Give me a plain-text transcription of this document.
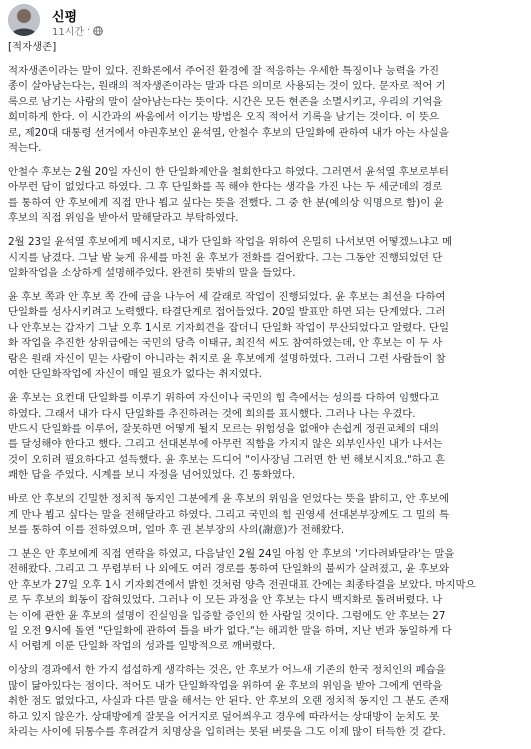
신평
11시간 ·

[적자생존]

적자생존이라는 말이 있다. 진화론에서 주어진 환경에 잘 적응하는 우세한 특징이나 능력을 가진
종이 살아남는다는, 원래의 적자생존이라는 말과 다른 의미로 사용되는 것이 있다. 문자로 적어 기
록으로 남기는 사람의 말이 살아남는다는 뜻이다. 시간은 모든 현존을 소멸시키고, 우리의 기억을
희미하게 한다. 이 시간과의 싸움에서 이기는 방법은 오직 적어서 기록을 남기는 것이다. 이 뜻으
로, 제20대 대통령 선거에서 야권후보인 윤석열, 안철수 후보의 단일화에 관하여 내가 아는 사실을
적는다.

안철수 후보는 2월 20일 자신이 한 단일화제안을 철회한다고 하였다. 그러면서 윤석열 후보로부터
아무런 답이 없었다고 하였다. 그 후 단일화를 꼭 해야 한다는 생각을 가진 나는 두 세군데의 경로
를 통하여 안 후보에게 직접 만나 뵙고 싶다는 뜻을 전했다. 그 중 한 분(예의상 익명으로 함)이 윤
후보의 직접 위임을 받아서 말해달라고 부탁하였다.

2월 23일 윤석열 후보에게 메시지로, 내가 단일화 작업을 위하여 은밀히 나서보면 어떻겠느냐고 메
시지를 남겼다. 그날 밤 늦게 유세를 마친 윤 후보가 전화를 걸어왔다. 그는 그동안 진행되었던 단
일화작업을 소상하게 설명해주었다. 완전히 뜻밖의 말을 들었다.

윤 후보 쪽과 안 후보 쪽 간에 급을 나누어 세 갈래로 작업이 진행되었다. 윤 후보는 최선을 다하여
단일화를 성사시키려고 노력했다. 타결단계로 접어들었다. 20일 발표만 하면 되는 단계였다. 그러
나 안후보는 갑자기 그날 오후 1시로 기자회견을 잡더니 단일화 작업이 무산되었다고 알렸다. 단일
화 작업을 추진한 상위급에는 국민의 당측 이태규, 최진석 씨도 참여하였는데, 안 후보는 이 두 사
람은 원래 자신이 믿는 사람이 아니라는 취지로 윤 후보에게 설명하였다. 그러니 그런 사람들이 참
여한 단일화작업에 자신이 매일 필요가 없다는 취지였다.

윤 후보는 요컨대 단일화를 이루기 위하여 자신이나 국민의 힘 측에서는 성의를 다하여 임했다고
하였다. 그래서 내가 다시 단일화를 추진하려는 것에 회의를 표시했다. 그러나 나는 우겼다.
반드시 단일화를 이루어, 잘못하면 어떻게 될지 모르는 위험성을 없애야 손쉽게 정권교체의 대의
를 달성해야 한다고 했다. 그리고 선대본부에 아무런 직함을 가지지 않은 외부인사인 내가 나서는
것이 오히려 필요하다고 설득했다. 윤 후보는 드디어 "이사장님 그러면 한 번 해보시지요."하고 흔
쾌한 답을 주었다. 시계를 보니 자정을 넘어있었다. 긴 통화였다.

바로 안 후보의 긴밀한 정치적 동지인 그분에게 윤 후보의 위임을 얻었다는 뜻을 밝히고, 안 후보에
게 만나 뵙고 싶다는 말을 전해달라고 하였다. 그리고 국민의 힘 권영세 선대본부장께도 그 밀의 특
보를 통하여 이를 전하였으며, 얼마 후 권 본부장의 사의(謝意)가 전해왔다.

그 분은 안 후보에게 직접 연락을 하였고, 다음날인 2월 24일 아침 안 후보의 '기다려봐달라'는 말을
전해왔다. 그리고 그 무렵부터 나 외에도 여러 경로를 통하여 단일화의 불씨가 살려졌고, 윤 후보와
안 후보가 27일 오후 1시 기자회견에서 밝힌 것처럼 양측 전권대표 간에는 최종타결을 보았다. 마지막으
로 두 후보의 회동이 잡혀있었다. 그러나 이 모든 과정을 안 후보는 다시 백지화로 돌려버렸다. 나
는 이에 관한 윤 후보의 설명이 진실임을 입증할 증인의 한 사람일 것이다. 그럼에도 안 후보는 27
일 오전 9시에 돌연 "단일화에 관하여 틀을 바가 없다."는 해괴한 말을 하며, 지난 번과 동일하게 다
시 어렵게 이룬 단일화 작업의 성과를 일방적으로 깨버렸다.

이상의 경과에서 한 가지 섭섭하게 생각하는 것은, 안 후보가 어느새 기존의 한국 정치인의 폐습을
많이 닮아있다는 점이다. 적어도 내가 단일화작업을 위하여 윤 후보의 위임을 받아 그에게 연락을
취한 점도 없었다고, 사실과 다른 말을 해서는 안 된다. 안 후보의 오랜 정치적 동지인 그 분도 존재
하고 있지 않은가. 상대방에게 잘못을 어거지로 덮어씌우고 경우에 따라서는 상대방이 눈치도 못
차리는 사이에 뒤통수를 후려갈겨 치명상을 입히려는 못된 버릇을 그도 이제 많이 터득한 것 같다.
